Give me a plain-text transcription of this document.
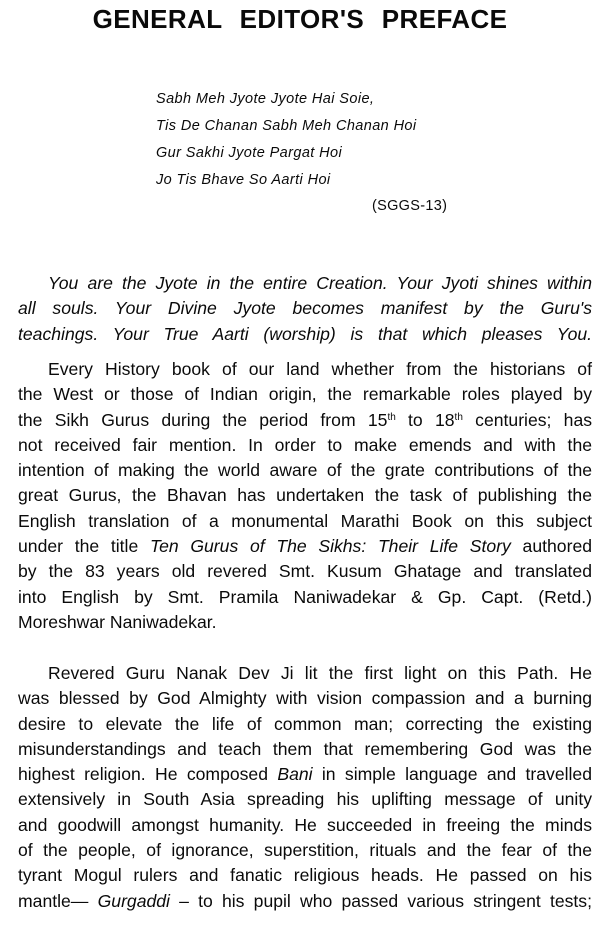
GENERAL EDITOR'S PREFACE
Sabh Meh Jyote Jyote Hai Soie,
Tis De Chanan Sabh Meh Chanan Hoi
Gur Sakhi Jyote Pargat Hoi
Jo Tis Bhave So Aarti Hoi
(SGGS-13)
You are the Jyote in the entire Creation. Your Jyoti shines within
all souls. Your Divine Jyote becomes manifest by the Guru's
teachings. Your True Aarti (worship) is that which pleases You.
Every History book of our land whether from the historians of
the West or those of Indian origin, the remarkable roles played by
the Sikh Gurus during the period from 15th to 18th centuries; has
not received fair mention. In order to make emends and with the
intention of making the world aware of the grate contributions of the
great Gurus, the Bhavan has undertaken the task of publishing the
English translation of a monumental Marathi Book on this subject
under the title Ten Gurus of The Sikhs: Their Life Story authored
by the 83 years old revered Smt. Kusum Ghatage and translated
into English by Smt. Pramila Naniwadekar & Gp. Capt. (Retd.)
Moreshwar Naniwadekar.
Revered Guru Nanak Dev Ji lit the first light on this Path. He
was blessed by God Almighty with vision compassion and a burning
desire to elevate the life of common man; correcting the existing
misunderstandings and teach them that remembering God was the
highest religion. He composed Bani in simple language and travelled
extensively in South Asia spreading his uplifting message of unity
and goodwill amongst humanity. He succeeded in freeing the minds
of the people, of ignorance, superstition, rituals and the fear of the
tyrant Mogul rulers and fanatic religious heads. He passed on his
mantle— Gurgaddi – to his pupil who passed various stringent tests;
